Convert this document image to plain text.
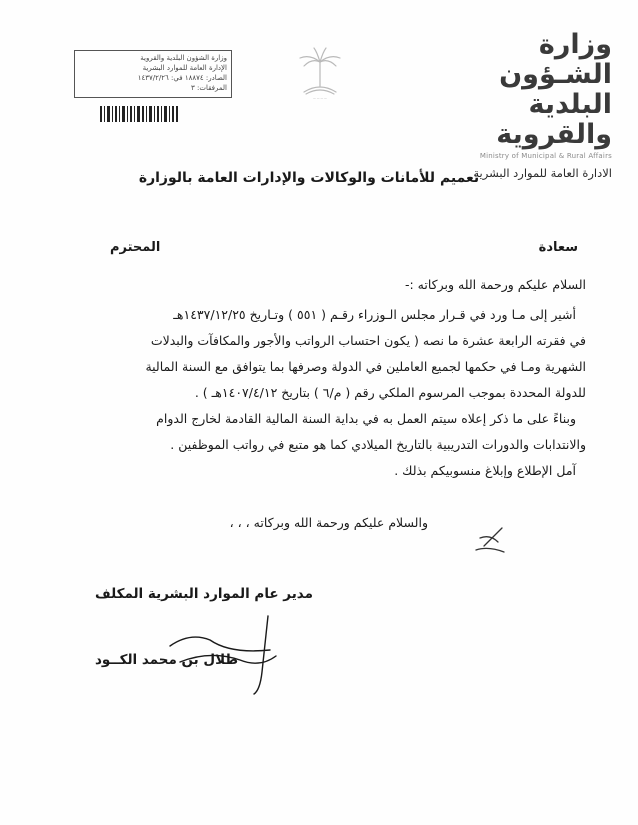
وزارة الشـؤون
البلدية والقروية
Ministry of Municipal & Rural Affairs
الادارة العامة للموارد البشرية
─ ─ ─ ─
وزارة الشؤون البلدية والقروية
الإدارة العامة للموارد البشرية
الصادر: ١٨٨٧٤ في: ١٤٣٧/٢/٢٦
المرفقات: ٣
تعميم للأمانات والوكالات والإدارات العامة بالوزارة
سعادة
المحترم

السلام عليكم ورحمة الله وبركاته :-

أشير إلى مـا ورد في قـرار مجلس الـوزراء رقـم ( ٥٥١ ) وتـاريخ ١٤٣٧/١٢/٢٥هـ

في فقرته الرابعة عشرة ما نصه ( يكون احتساب الرواتب والأجور والمكافآت والبدلات

الشهرية ومـا في حكمها لجميع العاملين في الدولة وصرفها بما يتوافق مع السنة المالية

للدولة المحددة بموجب المرسوم الملكي رقم ( م/٦ ) بتاريخ ١٤٠٧/٤/١٢هـ ) .

وبناءً على ما ذكر إعلاه سيتم العمل به في بداية السنة المالية القادمة لخارج الدوام

والانتدابات والدورات التدريبية بالتاريخ الميلادي كما هو متبع في رواتب الموظفين .

آمل الإطلاع وإبلاغ منسوبيكم بذلك .

والسلام عليكم ورحمة الله وبركاته ، ، ،
مدير عام الموارد البشرية المكلف
طلال بن محمد الكــود
